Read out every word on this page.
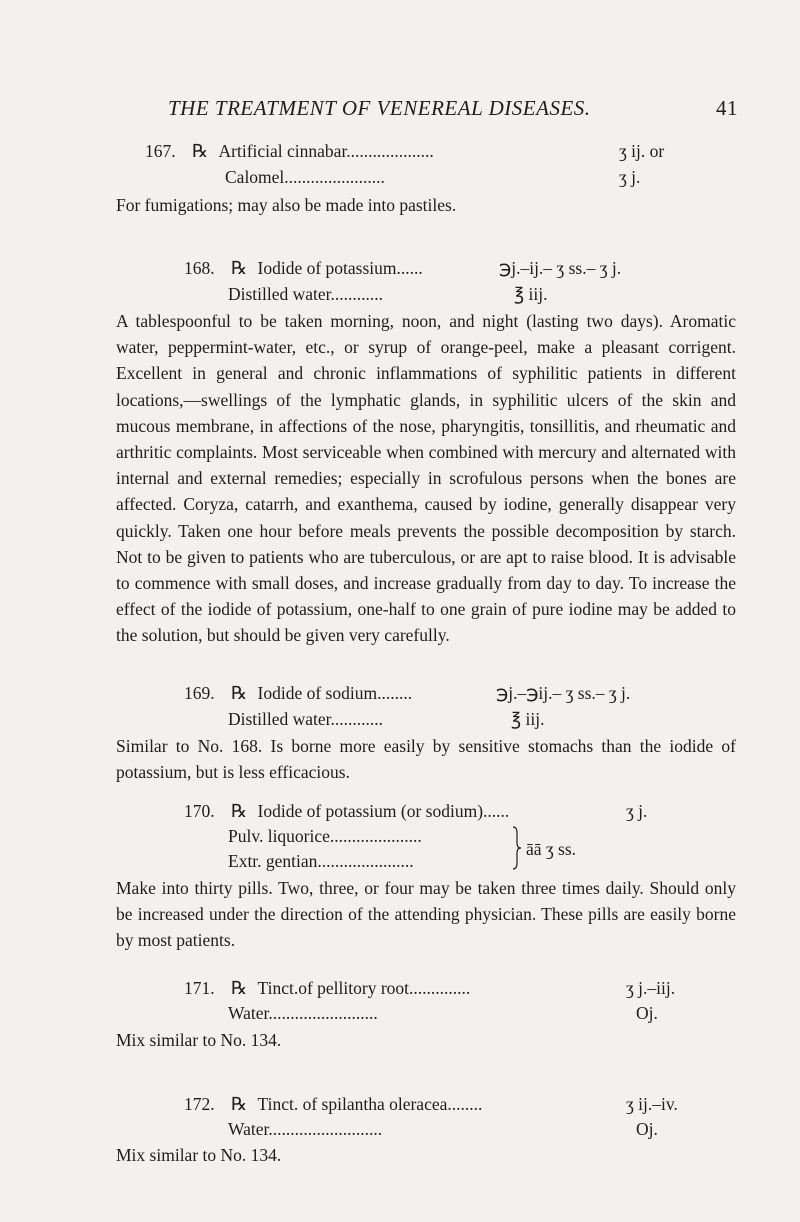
THE TREATMENT OF VENEREAL DISEASES.	41
167. ℞ Artificial cinnabar....................	ʒ ij. or
Calomel.......................	ʒ j.
For fumigations; may also be made into pastiles.
168. ℞ Iodide of potassium......	℈j.–ij.– ʒ ss.– ʒ j.
Distilled water............	℥ iij.
A tablespoonful to be taken morning, noon, and night (lasting two days). Aromatic water, peppermint-water, etc., or syrup of orange-peel, make a pleasant corrigent. Excellent in general and chronic inflammations of syphilitic patients in different locations,—swellings of the lymphatic glands, in syphilitic ulcers of the skin and mucous membrane, in affections of the nose, pharyngitis, tonsillitis, and rheumatic and arthritic complaints. Most serviceable when combined with mercury and alternated with internal and external remedies; especially in scrofulous persons when the bones are affected. Coryza, catarrh, and exanthema, caused by iodine, generally disappear very quickly. Taken one hour before meals prevents the possible decomposition by starch. Not to be given to patients who are tuberculous, or are apt to raise blood. It is advisable to commence with small doses, and increase gradually from day to day. To increase the effect of the iodide of potassium, one-half to one grain of pure iodine may be added to the solution, but should be given very carefully.
169. ℞ Iodide of sodium........	℈j.–℈ij.– ʒ ss.– ʒ j.
Distilled water............	℥ iij.
Similar to No. 168. Is borne more easily by sensitive stomachs than the iodide of potassium, but is less efficacious.
170. ℞ Iodide of potassium (or sodium)......	ʒ j.
Pulv. liquorice.....................
Extr. gentian......................
āā ʒ ss.
Make into thirty pills. Two, three, or four may be taken three times daily. Should only be increased under the direction of the attending physician. These pills are easily borne by most patients.
171. ℞ Tinct.of pellitory root..............	ʒ j.–iij.
Water.........................	Oj.
Mix similar to No. 134.
172. ℞ Tinct. of spilantha oleracea........	ʒ ij.–iv.
Water..........................	Oj.
Mix similar to No. 134.
